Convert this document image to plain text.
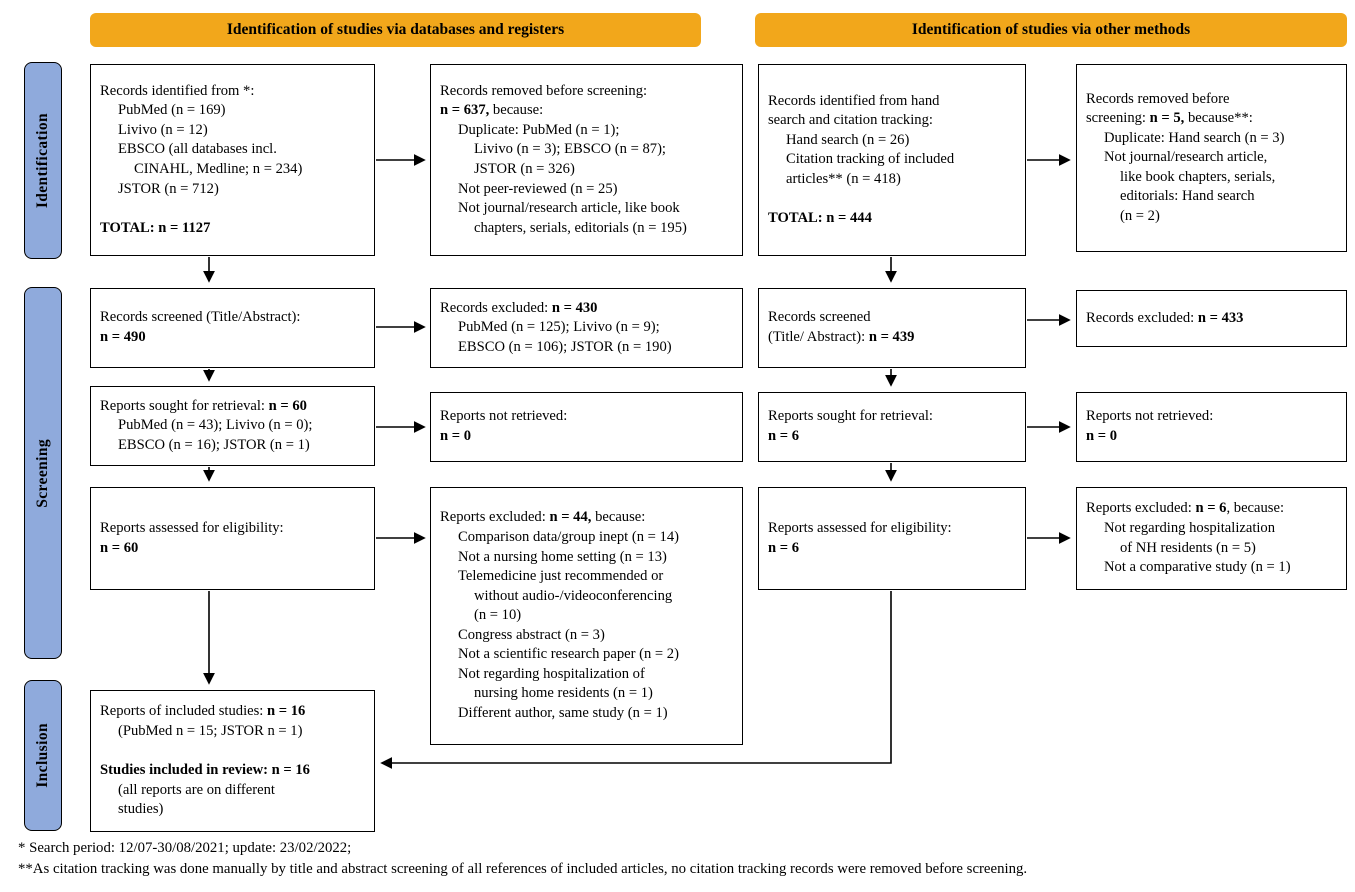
Identification of studies via databases and registers	Identification of studies via other methods
Identification
Screening
Inclusion
Records identified from *:
PubMed (n = 169)
Livivo (n = 12)
EBSCO (all databases incl.
CINAHL, Medline; n = 234)
JSTOR (n = 712)
TOTAL: n = 1127
Records screened (Title/Abstract):
n = 490
Reports sought for retrieval: n = 60
PubMed (n = 43); Livivo (n = 0);
EBSCO (n = 16); JSTOR (n = 1)
Reports assessed for eligibility:
n = 60
Reports of included studies: n = 16
(PubMed n = 15; JSTOR n = 1)
Studies included in review: n = 16
(all reports are on different
studies)
Records removed before screening:
n = 637, because:
Duplicate: PubMed (n = 1);
Livivo (n = 3); EBSCO (n = 87);
JSTOR (n = 326)
Not peer-reviewed (n = 25)
Not journal/research article, like book
chapters, serials, editorials (n = 195)
Records excluded: n = 430
PubMed (n = 125); Livivo (n = 9);
EBSCO (n = 106); JSTOR (n = 190)
Reports not retrieved:
n = 0
Reports excluded: n = 44, because:
Comparison data/group inept (n = 14)
Not a nursing home setting (n = 13)
Telemedicine just recommended or
without audio-/videoconferencing
(n = 10)
Congress abstract (n = 3)
Not a scientific research paper (n = 2)
Not regarding hospitalization of
nursing home residents (n = 1)
Different author, same study (n = 1)
Records identified from hand
search and citation tracking:
Hand search (n = 26)
Citation tracking of included
articles** (n = 418)
TOTAL: n = 444
Records screened
(Title/ Abstract): n = 439
Reports sought for retrieval:
n = 6
Reports assessed for eligibility:
n = 6
Records removed before
screening: n = 5, because**:
Duplicate: Hand search (n = 3)
Not journal/research article,
like book chapters, serials,
editorials: Hand search
(n = 2)
Records excluded: n = 433
Reports not retrieved:
n = 0
Reports excluded: n = 6, because:
Not regarding hospitalization
of NH residents (n = 5)
Not a comparative study (n = 1)
* Search period: 12/07-30/08/2021; update: 23/02/2022;
**As citation tracking was done manually by title and abstract screening of all references of included articles, no citation tracking records were removed before screening.
